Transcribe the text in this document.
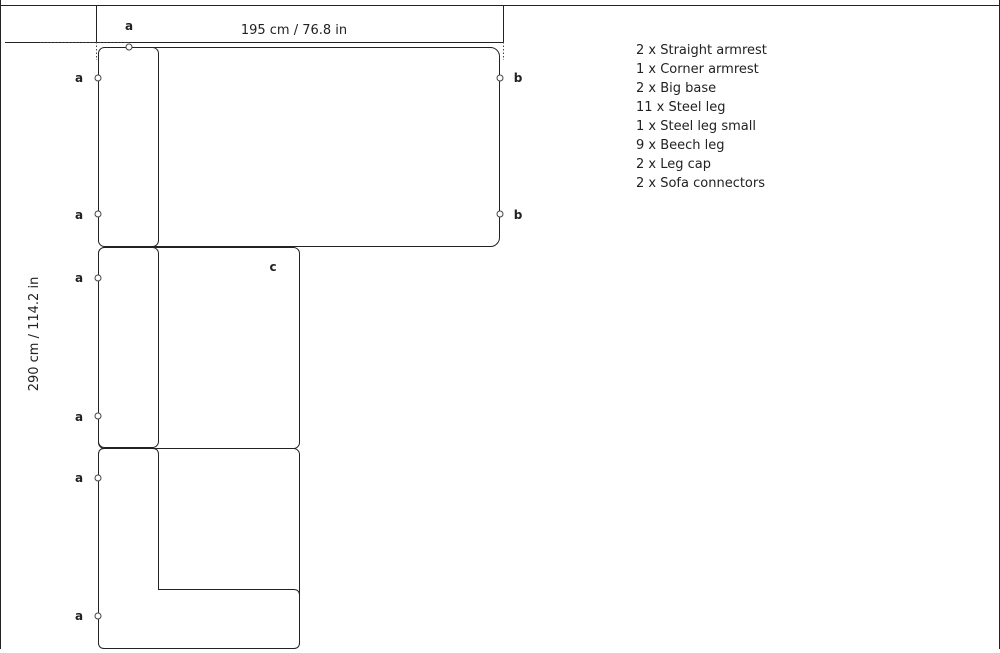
195 cm / 76.8 in
290 cm / 114.2 in
a
a
a
a
a
a
a
b
b
c
2 x Straight armrest
1 x Corner armrest
2 x Big base
11 x Steel leg
1 x Steel leg small
9 x Beech leg
2 x Leg cap
2 x Sofa connectors
